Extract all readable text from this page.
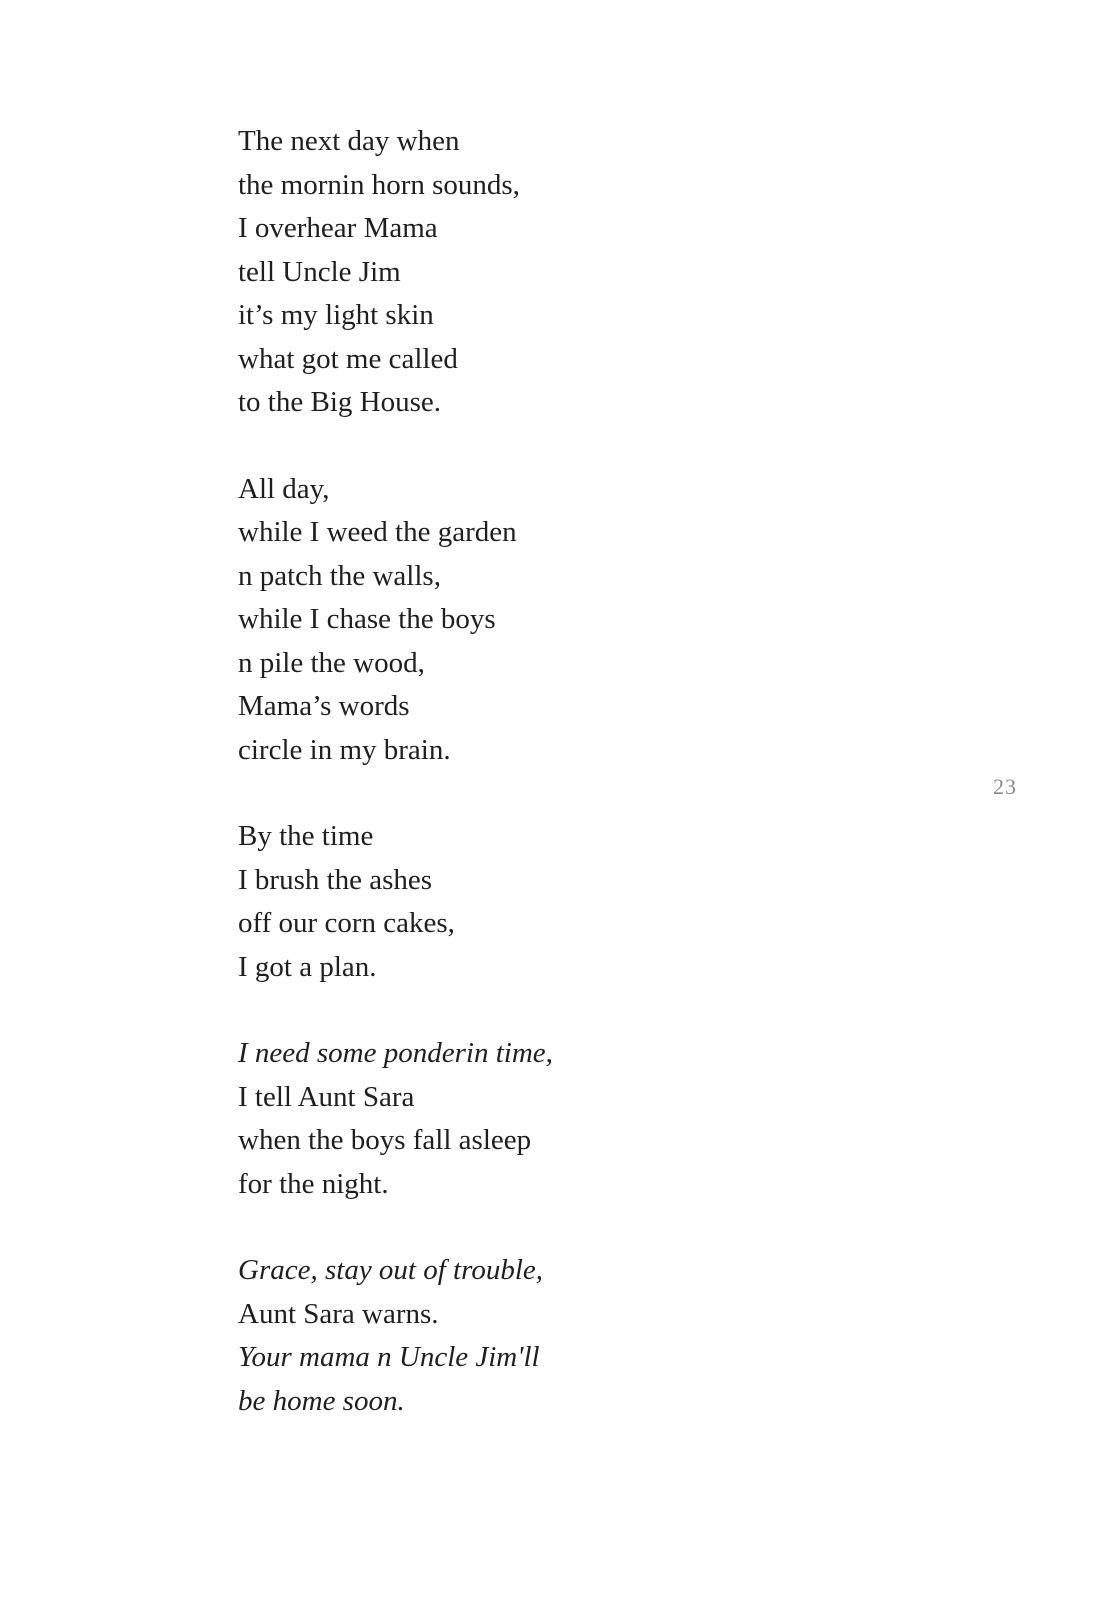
The next day when
the mornin horn sounds,
I overhear Mama
tell Uncle Jim
it’s my light skin
what got me called
to the Big House.
All day,
while I weed the garden
n patch the walls,
while I chase the boys
n pile the wood,
Mama’s words
circle in my brain.
By the time
I brush the ashes
off our corn cakes,
I got a plan.
I need some ponderin time,
I tell Aunt Sara
when the boys fall asleep
for the night.
Grace, stay out of trouble,
Aunt Sara warns.
Your mama n Uncle Jim'll
be home soon.
23
